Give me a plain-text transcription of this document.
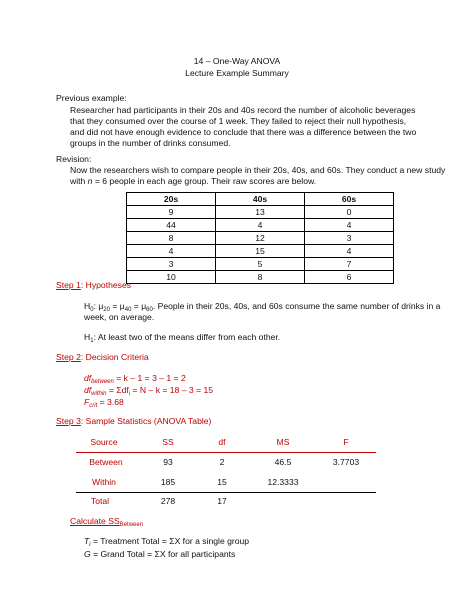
14 – One-Way ANOVA
Lecture Example Summary
Previous example:
Researcher had participants in their 20s and 40s record the number of alcoholic beverages that they consumed over the course of 1 week. They failed to reject their null hypothesis, and did not have enough evidence to conclude that there was a difference between the two groups in the number of drinks consumed.
Revision:
Now the researchers wish to compare people in their 20s, 40s, and 60s. They conduct a new study
with n = 6 people in each age group. Their raw scores are below.
20s	40s	60s
9	13	0
44	4	4
8	12	3
4	15	4
3	5	7
10	8	6
Step 1: Hypotheses
$H_0$: $\mu_{20} = \mu_{40} = \mu_{60}$. People in their 20s, 40s, and 60s consume the same number of drinks in a
week, on average.
$H_1$: At least two of the means differ from each other.
Step 2: Decision Criteria
$df_{between} = k - 1 = 3 - 1 = 2$
$df_{within} = \Sigma df_i = N - k = 18 - 3 = 15$
$F_{crit} = 3.68$
Step 3: Sample Statistics (ANOVA Table)
Source	SS	df	MS	F
Between	93	2	46.5	3.7703
Within	185	15	12.3333
Total	278	17
Calculate $SS_{Between}$
$T_i$ = Treatment Total = ΣX for a single group
G = Grand Total = ΣX for all participants
